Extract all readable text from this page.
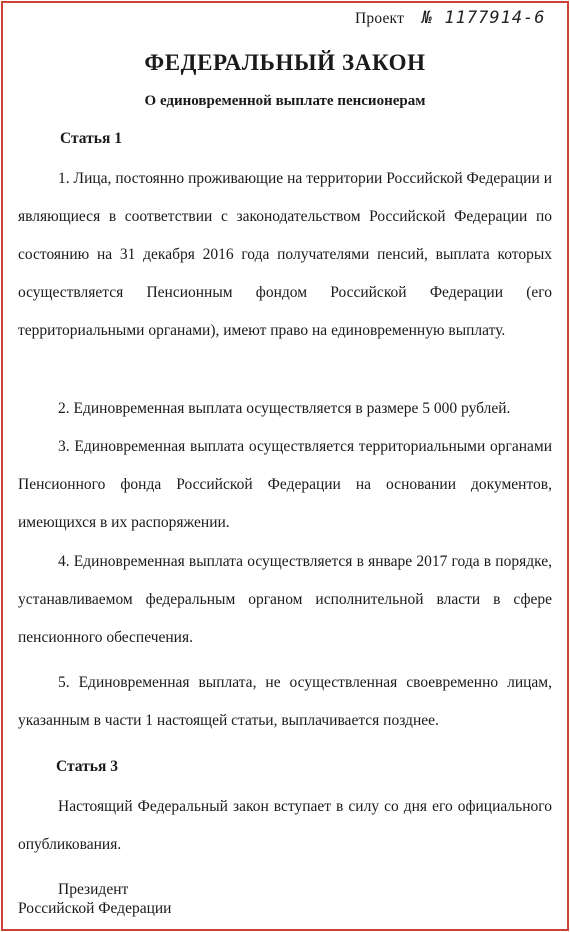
Проект № 1177914-6
ФЕДЕРАЛЬНЫЙ ЗАКОН
О единовременной выплате пенсионерам
Статья 1

1. Лица, постоянно проживающие на территории Российской Федерации и являющиеся в соответствии с законодательством Российской Федерации по состоянию на 31 декабря 2016 года получателями пенсий, выплата которых осуществляется Пенсионным фондом Российской Федерации (его территориальными органами), имеют право на единовременную выплату.

2. Единовременная выплата осуществляется в размере 5 000 рублей.

3. Единовременная выплата осуществляется территориальными органами Пенсионного фонда Российской Федерации на основании документов, имеющихся в их распоряжении.

4. Единовременная выплата осуществляется в январе 2017 года в порядке, устанавливаемом федеральным органом исполнительной власти в сфере пенсионного обеспечения.

5. Единовременная выплата, не осуществленная своевременно лицам, указанным в части 1 настоящей статьи, выплачивается позднее.

Статья 3

Настоящий Федеральный закон вступает в силу со дня его официального опубликования.

Президент
Российской Федерации
